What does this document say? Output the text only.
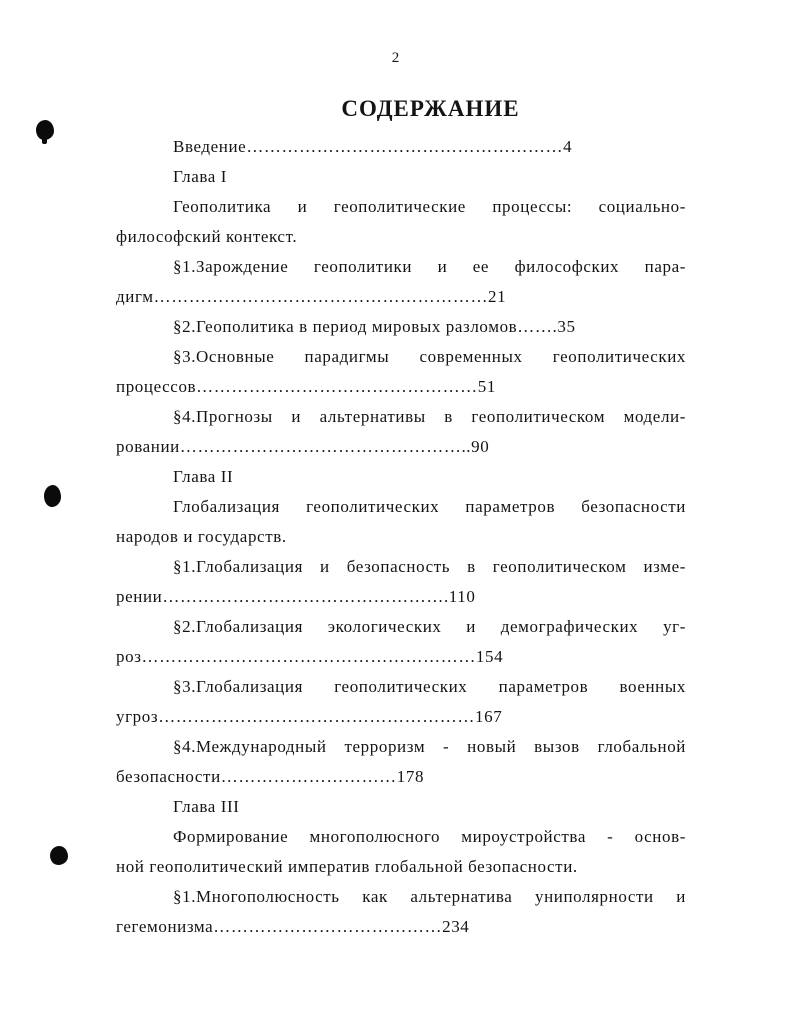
2
СОДЕРЖАНИЕ
Введение………………………………………………4
Глава I
Геополитика и геополитические процессы: социально-
философский контекст.
§1.Зарождение геополитики и ее философских пара-
дигм…………………………………………………21
§2.Геополитика в период мировых разломов…….35
§3.Основные парадигмы современных геополитических
процессов…………………………………………51
§4.Прогнозы и альтернативы в геополитическом модели-
ровании…………………………………………..90
Глава II
Глобализация геополитических параметров безопасности
народов и государств.
§1.Глобализация и безопасность в геополитическом изме-
рении………………………………………….110
§2.Глобализация экологических и демографических уг-
роз…………………………………………………154
§3.Глобализация геополитических параметров военных
угроз………………………………………………167
§4.Международный терроризм - новый вызов глобальной
безопасности…………………………178
Глава III
Формирование многополюсного мироустройства - основ-
ной геополитический императив глобальной безопасности.
§1.Многополюсность как альтернатива униполярности и
гегемонизма…………………………………234
